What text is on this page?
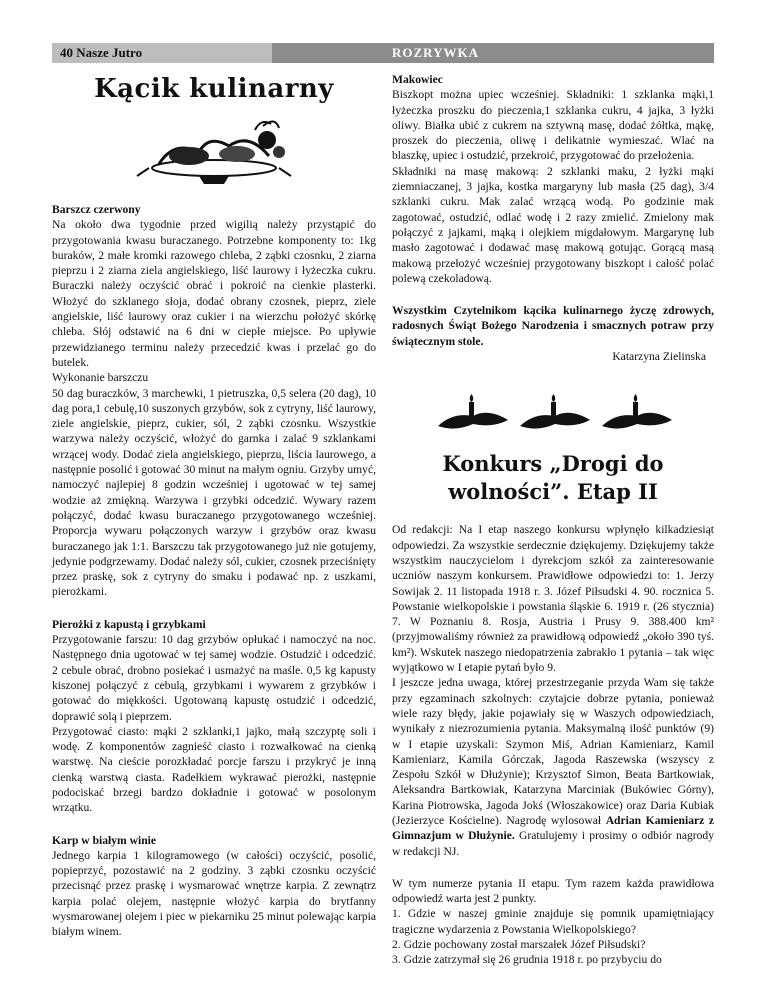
40 Nasze Jutro	ROZRYWKA
Kącik kulinarny

Barszcz czerwony

Na około dwa tygodnie przed wigilią należy przystąpić do przygotowania kwasu buraczanego. Potrzebne komponenty to: 1kg buraków, 2 małe kromki razowego chleba, 2 ząbki czosnku, 2 ziarna pieprzu i 2 ziarna ziela angielskiego, liść laurowy i łyżeczka cukru. Buraczki należy oczyścić obrać i pokroić na cienkie plasterki. Włożyć do szklanego słoja, dodać obrany czosnek, pieprz, ziele angielskie, liść laurowy oraz cukier i na wierzchu położyć skórkę chleba. Słój odstawić na 6 dni w ciepłe miejsce. Po upływie przewidzianego terminu należy przecedzić kwas i przelać go do butelek.

Wykonanie barszczu

50 dag buraczków, 3 marchewki, 1 pietruszka, 0,5 selera (20 dag), 10 dag pora,1 cebulę,10 suszonych grzybów, sok z cytryny, liść laurowy, ziele angielskie, pieprz, cukier, sól, 2 ząbki czosnku. Wszystkie warzywa należy oczyścić, włożyć do garnka i zalać 9 szklankami wrzącej wody. Dodać ziela angielskiego, pieprzu, liścia laurowego, a następnie posolić i gotować 30 minut na małym ogniu. Grzyby umyć, namoczyć najlepiej 8 godzin wcześniej i ugotować w tej samej wodzie aż zmiękną. Warzywa i grzybki odcedzić. Wywary razem połączyć, dodać kwasu buraczanego przygotowanego wcześniej. Proporcja wywaru połączonych warzyw i grzybów oraz kwasu buraczanego jak 1:1. Barszczu tak przygotowanego już nie gotujemy, jedynie podgrzewamy. Dodać należy sól, cukier, czosnek przeciśnięty przez praskę, sok z cytryny do smaku i podawać np. z uszkami, pierożkami.

Pierożki z kapustą i grzybkami

Przygotowanie farszu: 10 dag grzybów opłukać i namoczyć na noc. Następnego dnia ugotować w tej samej wodzie. Ostudzić i odcedzić. 2 cebule obrać, drobno posiekać i usmażyć na maśle. 0,5 kg kapusty kiszonej połączyć z cebulą, grzybkami i wywarem z grzybków i gotować do miękkości. Ugotowaną kapustę ostudzić i odcedzić, doprawić solą i pieprzem.

Przygotować ciasto: mąki 2 szklanki,1 jajko, małą szczyptę soli i wodę. Z komponentów zagnieść ciasto i rozwałkować na cienką warstwę. Na cieście porozkładać porcje farszu i przykryć je inną cienką warstwą ciasta. Radełkiem wykrawać pierożki, następnie podociskać brzegi bardzo dokładnie i gotować w posolonym wrzątku.

Karp w białym winie

Jednego karpia 1 kilogramowego (w całości) oczyścić, posolić, popieprzyć, pozostawić na 2 godziny. 3 ząbki czosnku oczyścić przecisnąć przez praskę i wysmarować wnętrze karpia. Z zewnątrz karpia polać olejem, następnie włożyć karpia do brytfanny wysmarowanej olejem i piec w piekarniku 25 minut polewając karpia białym winem.

Makowiec

Biszkopt można upiec wcześniej. Składniki: 1 szklanka mąki,1 łyżeczka proszku do pieczenia,1 szklanka cukru, 4 jajka, 3 łyżki oliwy. Białka ubić z cukrem na sztywną masę, dodać żółtka, mąkę, proszek do pieczenia, oliwę i delikatnie wymieszać. Wlać na blaszkę, upiec i ostudzić, przekroić, przygotować do przełożenia.

Składniki na masę makową: 2 szklanki maku, 2 łyżki mąki ziemniaczanej, 3 jajka, kostka margaryny lub masła (25 dag), 3/4 szklanki cukru. Mak zalać wrzącą wodą. Po godzinie mak zagotować, ostudzić, odlać wodę i 2 razy zmielić. Zmielony mak połączyć z jajkami, mąką i olejkiem migdałowym. Margarynę lub masło zagotować i dodawać masę makową gotując. Gorącą masą makową przełożyć wcześniej przygotowany biszkopt i całość polać polewą czekoladową.

Wszystkim Czytelnikom kącika kulinarnego życzę zdrowych, radosnych Świąt Bożego Narodzenia i smacznych potraw przy świątecznym stole.

Katarzyna Zielinska

Konkurs „Drogi do wolności”. Etap II

Od redakcji: Na I etap naszego konkursu wpłynęło kilkadziesiąt odpowiedzi. Za wszystkie serdecznie dziękujemy. Dziękujemy także wszystkim nauczycielom i dyrekcjom szkół za zainteresowanie uczniów naszym konkursem. Prawidłowe odpowiedzi to: 1. Jerzy Sowijak 2. 11 listopada 1918 r. 3. Józef Piłsudski 4. 90. rocznica 5. Powstanie wielkopolskie i powstania śląskie 6. 1919 r. (26 stycznia) 7. W Poznaniu 8. Rosja, Austria i Prusy 9. 388.400 km² (przyjmowaliśmy również za prawidłową odpowiedź „około 390 tyś. km²). Wskutek naszego niedopatrzenia zabrakło 1 pytania – tak więc wyjątkowo w I etapie pytań było 9.

I jeszcze jedna uwaga, której przestrzeganie przyda Wam się także przy egzaminach szkolnych: czytajcie dobrze pytania, ponieważ wiele razy błędy, jakie pojawiały się w Waszych odpowiedziach, wynikały z niezrozumienia pytania. Maksymalną ilość punktów (9) w I etapie uzyskali: Szymon Miś, Adrian Kamieniarz, Kamil Kamieniarz, Kamila Górczak, Jagoda Raszewska (wszyscy z Zespołu Szkół w Dłużynie); Krzysztof Simon, Beata Bartkowiak, Aleksandra Bartkowiak, Katarzyna Marciniak (Bukówiec Górny), Karina Piotrowska, Jagoda Jokś (Włoszakowice) oraz Daria Kubiak (Jezierzyce Kościelne). Nagrodę wylosował Adrian Kamieniarz z Gimnazjum w Dłużynie. Gratulujemy i prosimy o odbiór nagrody w redakcji NJ.

W tym numerze pytania II etapu. Tym razem każda prawidłowa odpowiedź warta jest 2 punkty.

1. Gdzie w naszej gminie znajduje się pomnik upamiętniający tragiczne wydarzenia z Powstania Wielkopolskiego?

2. Gdzie pochowany został marszałek Józef Piłsudski?

3. Gdzie zatrzymał się 26 grudnia 1918 r. po przybyciu do
